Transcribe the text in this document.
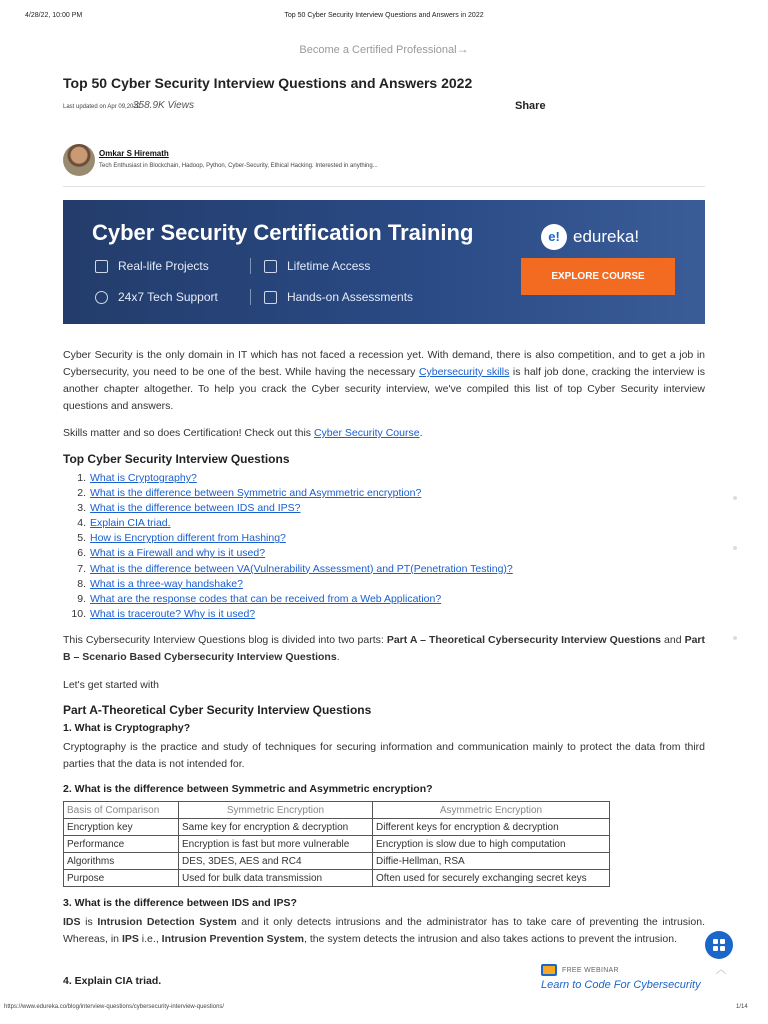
4/28/22, 10:00 PM	Top 50 Cyber Security Interview Questions and Answers in 2022
Become a Certified Professional→
Top 50 Cyber Security Interview Questions and Answers 2022
Last updated on Apr 09,2022
358.9K Views	Share
Omkar S Hiremath
Tech Enthusiast in Blockchain, Hadoop, Python, Cyber-Security, Ethical Hacking. Interested in anything...
Cyber Security Certification Training
Real-life Projects	Lifetime Access
24x7 Tech Support	Hands-on Assessments
e! edureka!
EXPLORE COURSE

Cyber Security is the only domain in IT which has not faced a recession yet. With demand, there is also competition, and to get a job in Cybersecurity, you need to be one of the best. While having the necessary Cybersecurity skills is half job done, cracking the interview is another chapter altogether. To help you crack the Cyber security interview, we've compiled this list of top Cyber Security interview questions and answers.

Skills matter and so does Certification! Check out this Cyber Security Course.

Top Cyber Security Interview Questions
1. What is Cryptography?
2. What is the difference between Symmetric and Asymmetric encryption?
3. What is the difference between IDS and IPS?
4. Explain CIA triad.
5. How is Encryption different from Hashing?
6. What is a Firewall and why is it used?
7. What is the difference between VA(Vulnerability Assessment) and PT(Penetration Testing)?
8. What is a three-way handshake?
9. What are the response codes that can be received from a Web Application?
10. What is traceroute? Why is it used?

This Cybersecurity Interview Questions blog is divided into two parts: Part A – Theoretical Cybersecurity Interview Questions and Part B – Scenario Based Cybersecurity Interview Questions.

Let's get started with

Part A-Theoretical Cyber Security Interview Questions
1. What is Cryptography?

Cryptography is the practice and study of techniques for securing information and communication mainly to protect the data from third parties that the data is not intended for.

2. What is the difference between Symmetric and Asymmetric encryption?
Basis of Comparison	Symmetric Encryption	Asymmetric Encryption
Encryption key	Same key for encryption & decryption	Different keys for encryption & decryption
Performance	Encryption is fast but more vulnerable	Encryption is slow due to high computation
Algorithms	DES, 3DES, AES and RC4	Diffie-Hellman, RSA
Purpose	Used for bulk data transmission	Often used for securely exchanging secret keys
3. What is the difference between IDS and IPS?

IDS is Intrusion Detection System and it only detects intrusions and the administrator has to take care of preventing the intrusion. Whereas, in IPS i.e., Intrusion Prevention System, the system detects the intrusion and also takes actions to prevent the intrusion.

4. Explain CIA triad.
︿
FREE WEBINAR
Learn to Code For Cybersecurity
https://www.edureka.co/blog/interview-questions/cybersecurity-interview-questions/	1/14
